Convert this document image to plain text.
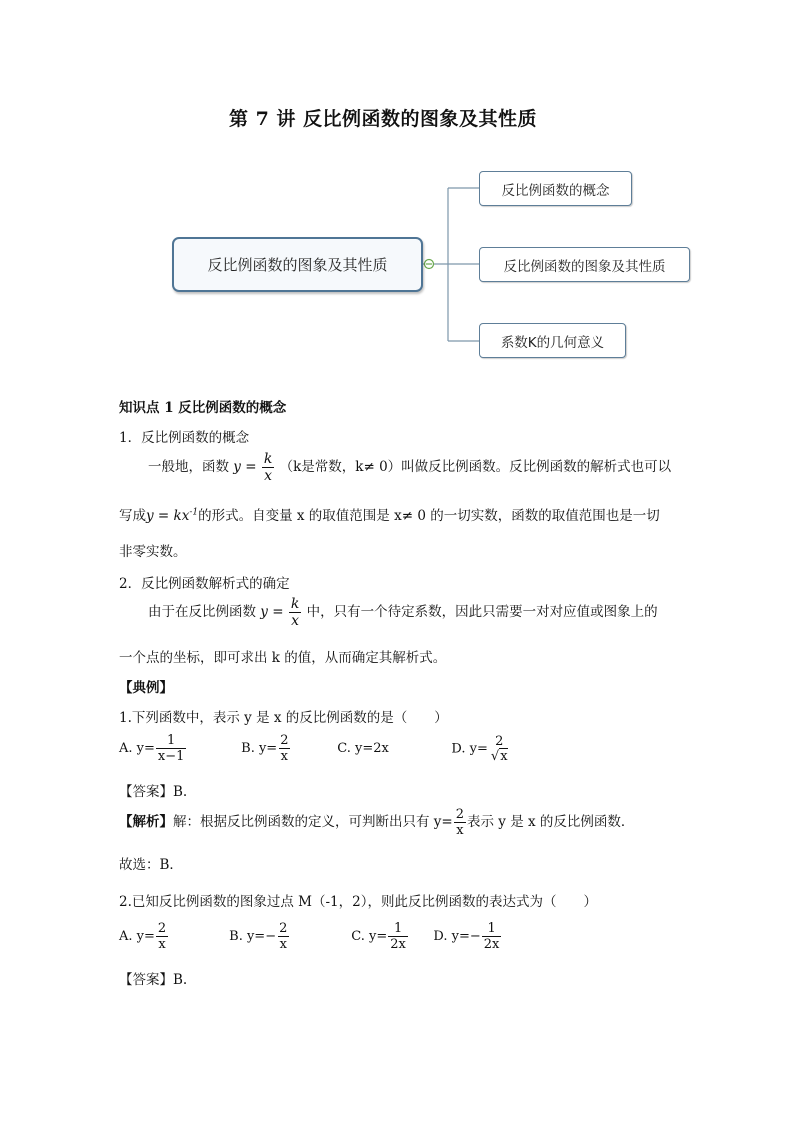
第 7 讲 反比例函数的图象及其性质
反比例函数的图象及其性质
反比例函数的概念
反比例函数的图象及其性质
系数K的几何意义
知识点 1 反比例函数的概念
1．反比例函数的概念
一般地，函数 $y = \frac{k}{x} (k$是常数，k≠ 0）叫做反比例函数。反比例函数的解析式也可以
写成$y = kx^{-1}$的形式。自变量 x 的取值范围是 x≠ 0 的一切实数，函数的取值范围也是一切
非零实数。
2．反比例函数解析式的确定
由于在反比例函数 $y = \frac{k}{x}$ 中，只有一个待定系数，因此只需要一对对应值或图象上的
一个点的坐标，即可求出 k 的值，从而确定其解析式。
【典例】
1.下列函数中，表示 y 是 x 的反比例函数的是（　　）
A. $y= \frac{1}{x-1}$	B. $y= \frac{2}{x}$	C. y=2x	D. y= 2
√x
【答案】B.
【解析】解：根据反比例函数的定义，可判断出只有 $y= \frac{2}{x}$ 表示 y 是 x 的反比例函数．
故选：B．
2.已知反比例函数的图象过点 M（-1，2），则此反比例函数的表达式为（　　）
A. $y= \frac{2}{x}$	B. $y=- \frac{2}{x}$	C. $y= \frac{1}{2x} D$. $y=- \frac{1}{2x}$
【答案】B.
